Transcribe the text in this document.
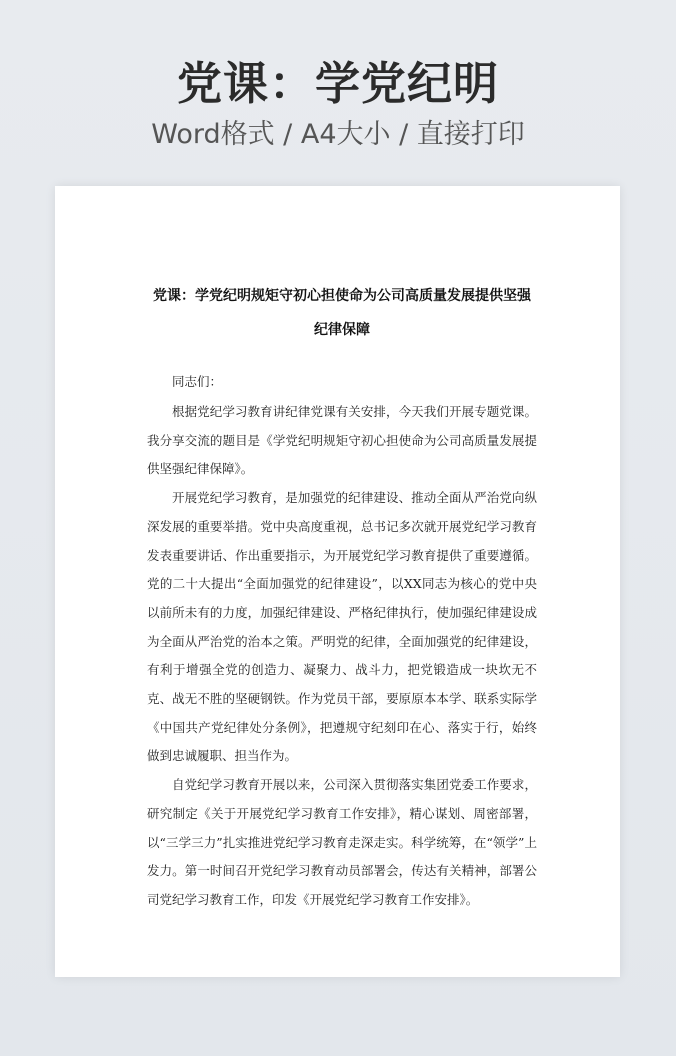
党课：学党纪明
Word格式 / A4大小 / 直接打印
党课：学党纪明规矩守初心担使命为公司高质量发展提供坚强纪律保障

同志们：

根据党纪学习教育讲纪律党课有关安排，今天我们开展专题党课。我分享交流的题目是《学党纪明规矩守初心担使命为公司高质量发展提供坚强纪律保障》。

开展党纪学习教育，是加强党的纪律建设、推动全面从严治党向纵深发展的重要举措。党中央高度重视，总书记多次就开展党纪学习教育发表重要讲话、作出重要指示，为开展党纪学习教育提供了重要遵循。党的二十大提出“全面加强党的纪律建设”，以XX同志为核心的党中央以前所未有的力度，加强纪律建设、严格纪律执行，使加强纪律建设成为全面从严治党的治本之策。严明党的纪律，全面加强党的纪律建设，有利于增强全党的创造力、凝聚力、战斗力，把党锻造成一块坎无不克、战无不胜的坚硬钢铁。作为党员干部，要原原本本学、联系实际学《中国共产党纪律处分条例》，把遵规守纪刻印在心、落实于行，始终做到忠诚履职、担当作为。

自党纪学习教育开展以来，公司深入贯彻落实集团党委工作要求，研究制定《关于开展党纪学习教育工作安排》，精心谋划、周密部署，以“三学三力”扎实推进党纪学习教育走深走实。科学统筹，在“领学”上发力。第一时间召开党纪学习教育动员部署会，传达有关精神，部署公司党纪学习教育工作，印发《开展党纪学习教育工作安排》。
